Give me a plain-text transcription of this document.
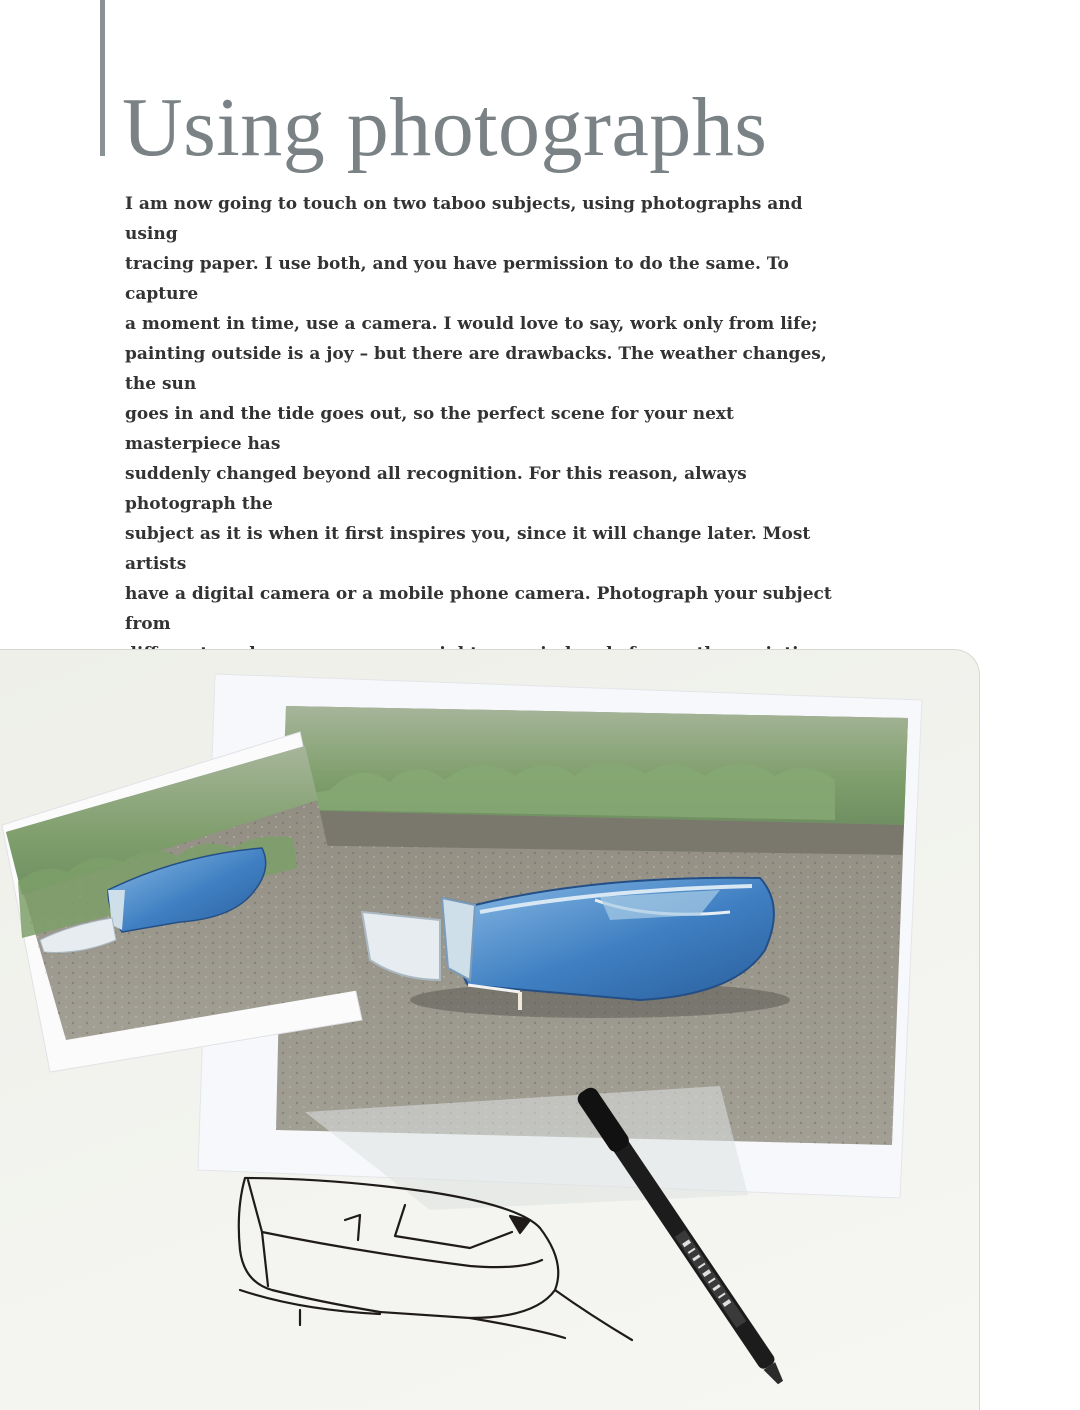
Using photographs

I am now going to touch on two taboo subjects, using photographs and using
tracing paper. I use both, and you have permission to do the same. To capture
a moment in time, use a camera. I would love to say, work only from life;
painting outside is a joy – but there are drawbacks. The weather changes, the sun
goes in and the tide goes out, so the perfect scene for your next masterpiece has
suddenly changed beyond all recognition. For this reason, always photograph the
subject as it is when it first inspires you, since it will change later. Most artists
have a digital camera or a mobile phone camera. Photograph your subject from
